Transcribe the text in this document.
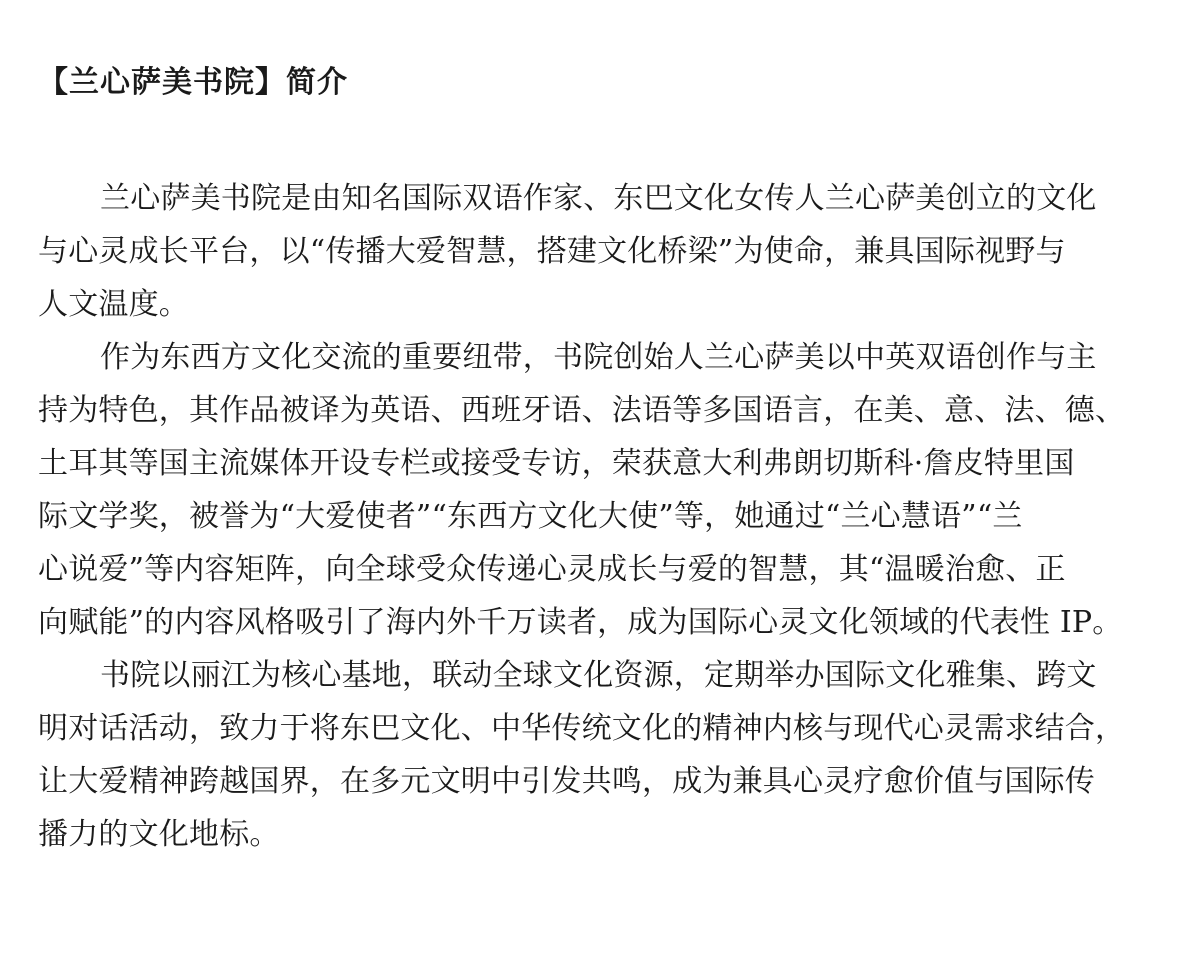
【兰心萨美书院】简介
兰心萨美书院是由知名国际双语作家、东巴文化女传人兰心萨美创立的文化
与心灵成长平台，以“传播大爱智慧，搭建文化桥梁”为使命，兼具国际视野与
人文温度。
作为东西方文化交流的重要纽带，书院创始人兰心萨美以中英双语创作与主
持为特色，其作品被译为英语、西班牙语、法语等多国语言，在美、意、法、德、
土耳其等国主流媒体开设专栏或接受专访，荣获意大利弗朗切斯科·詹皮特里国
际文学奖，被誉为“大爱使者”“东西方文化大使”等，她通过“兰心慧语”“兰
心说爱”等内容矩阵，向全球受众传递心灵成长与爱的智慧，其“温暖治愈、正
向赋能”的内容风格吸引了海内外千万读者，成为国际心灵文化领域的代表性 IP。
书院以丽江为核心基地，联动全球文化资源，定期举办国际文化雅集、跨文
明对话活动，致力于将东巴文化、中华传统文化的精神内核与现代心灵需求结合，
让大爱精神跨越国界，在多元文明中引发共鸣，成为兼具心灵疗愈价值与国际传
播力的文化地标。
